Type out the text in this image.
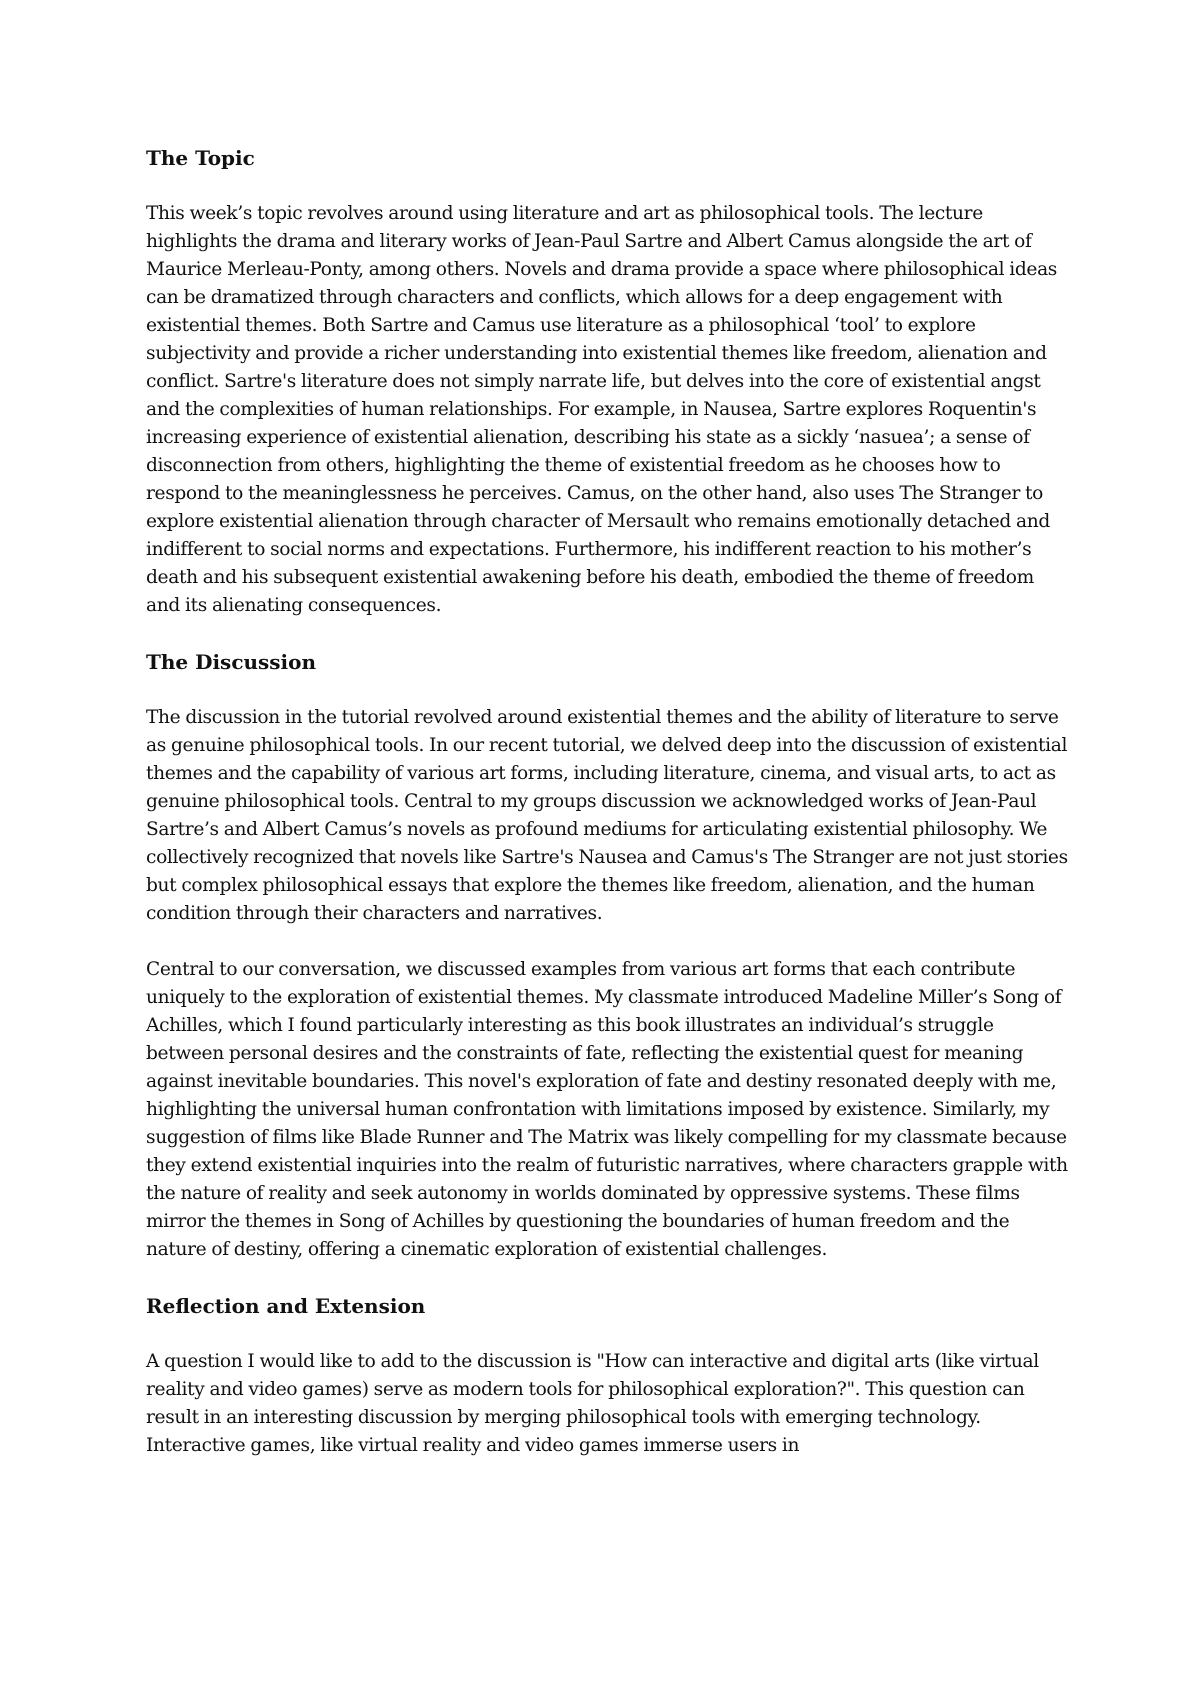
The Topic

This week’s topic revolves around using literature and art as philosophical tools. The lecture highlights the drama and literary works of Jean-Paul Sartre and Albert Camus alongside the art of Maurice Merleau-Ponty, among others. Novels and drama provide a space where philosophical ideas can be dramatized through characters and conflicts, which allows for a deep engagement with existential themes. Both Sartre and Camus use literature as a philosophical ‘tool’ to explore subjectivity and provide a richer understanding into existential themes like freedom, alienation and conflict. Sartre's literature does not simply narrate life, but delves into the core of existential angst and the complexities of human relationships. For example, in Nausea, Sartre explores Roquentin's increasing experience of existential alienation, describing his state as a sickly ‘nasuea’; a sense of disconnection from others, highlighting the theme of existential freedom as he chooses how to respond to the meaninglessness he perceives. Camus, on the other hand, also uses The Stranger to explore existential alienation through character of Mersault who remains emotionally detached and indifferent to social norms and expectations. Furthermore, his indifferent reaction to his mother’s death and his subsequent existential awakening before his death, embodied the theme of freedom and its alienating consequences.

The Discussion

The discussion in the tutorial revolved around existential themes and the ability of literature to serve as genuine philosophical tools. In our recent tutorial, we delved deep into the discussion of existential themes and the capability of various art forms, including literature, cinema, and visual arts, to act as genuine philosophical tools. Central to my groups discussion we acknowledged works of Jean-Paul Sartre’s and Albert Camus’s novels as profound mediums for articulating existential philosophy. We collectively recognized that novels like Sartre's Nausea and Camus's The Stranger are not just stories but complex philosophical essays that explore the themes like freedom, alienation, and the human condition through their characters and narratives.

Central to our conversation, we discussed examples from various art forms that each contribute uniquely to the exploration of existential themes. My classmate introduced Madeline Miller’s Song of Achilles, which I found particularly interesting as this book illustrates an individual’s struggle between personal desires and the constraints of fate, reflecting the existential quest for meaning against inevitable boundaries. This novel's exploration of fate and destiny resonated deeply with me, highlighting the universal human confrontation with limitations imposed by existence. Similarly, my suggestion of films like Blade Runner and The Matrix was likely compelling for my classmate because they extend existential inquiries into the realm of futuristic narratives, where characters grapple with the nature of reality and seek autonomy in worlds dominated by oppressive systems. These films mirror the themes in Song of Achilles by questioning the boundaries of human freedom and the nature of destiny, offering a cinematic exploration of existential challenges.

Reflection and Extension

A question I would like to add to the discussion is "How can interactive and digital arts (like virtual reality and video games) serve as modern tools for philosophical exploration?". This question can result in an interesting discussion by merging philosophical tools with emerging technology. Interactive games, like virtual reality and video games immerse users in
